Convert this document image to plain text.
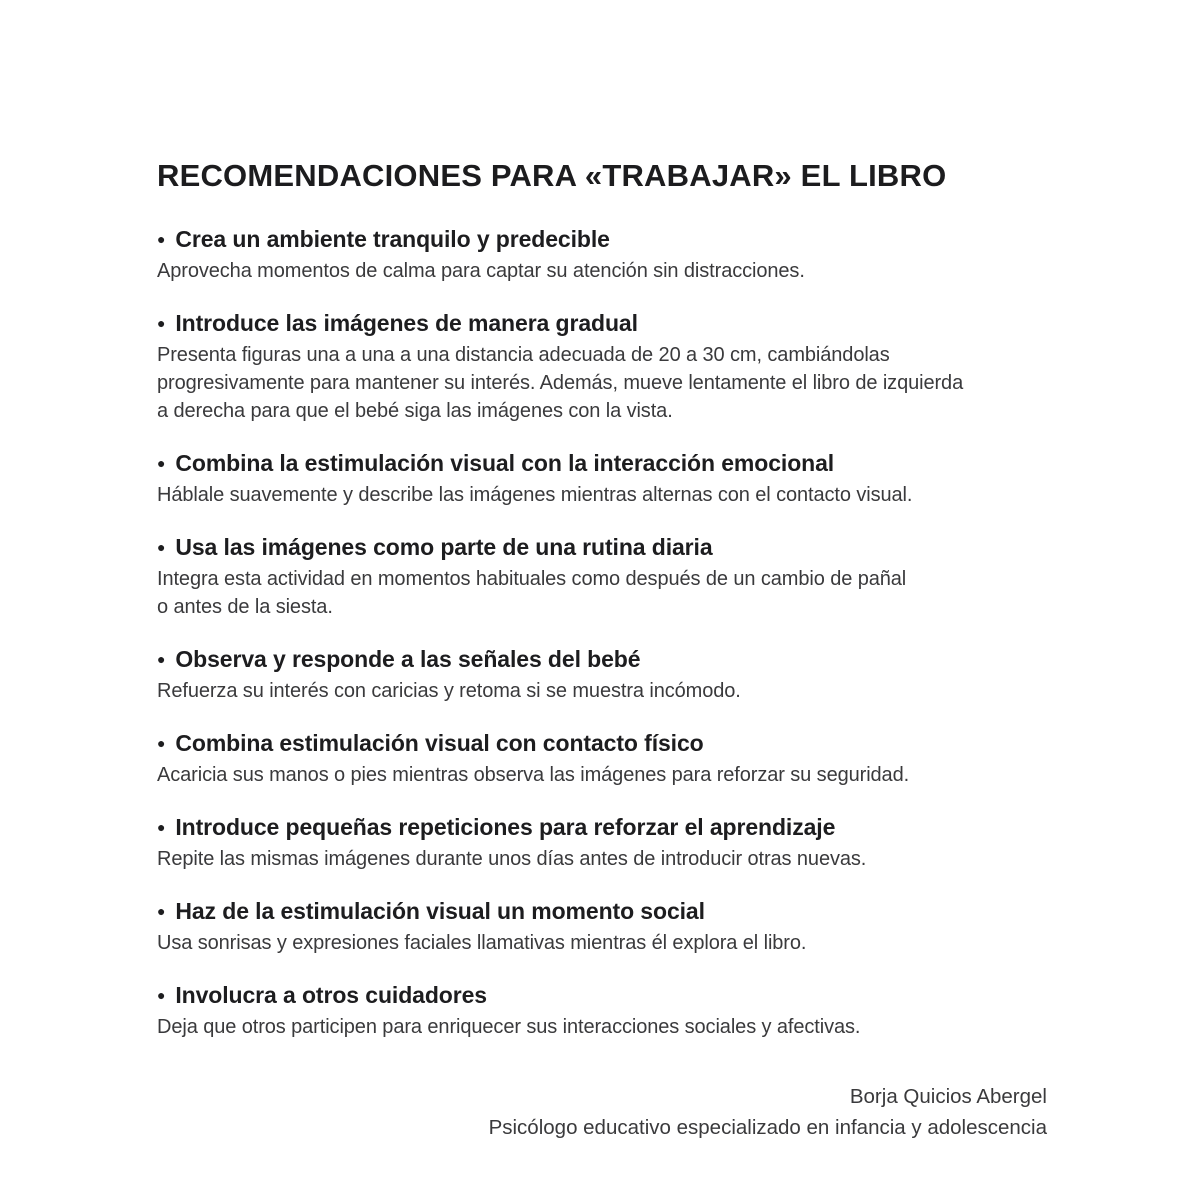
RECOMENDACIONES PARA «TRABAJAR» EL LIBRO
● Crea un ambiente tranquilo y predecible
Aprovecha momentos de calma para captar su atención sin distracciones.
● Introduce las imágenes de manera gradual
Presenta figuras una a una a una distancia adecuada de 20 a 30 cm, cambiándolas
progresivamente para mantener su interés. Además, mueve lentamente el libro de izquierda
a derecha para que el bebé siga las imágenes con la vista.
● Combina la estimulación visual con la interacción emocional
Háblale suavemente y describe las imágenes mientras alternas con el contacto visual.
● Usa las imágenes como parte de una rutina diaria
Integra esta actividad en momentos habituales como después de un cambio de pañal
o antes de la siesta.
● Observa y responde a las señales del bebé
Refuerza su interés con caricias y retoma si se muestra incómodo.
● Combina estimulación visual con contacto físico
Acaricia sus manos o pies mientras observa las imágenes para reforzar su seguridad.
● Introduce pequeñas repeticiones para reforzar el aprendizaje
Repite las mismas imágenes durante unos días antes de introducir otras nuevas.
● Haz de la estimulación visual un momento social
Usa sonrisas y expresiones faciales llamativas mientras él explora el libro.
● Involucra a otros cuidadores
Deja que otros participen para enriquecer sus interacciones sociales y afectivas.
Borja Quicios Abergel
Psicólogo educativo especializado en infancia y adolescencia
